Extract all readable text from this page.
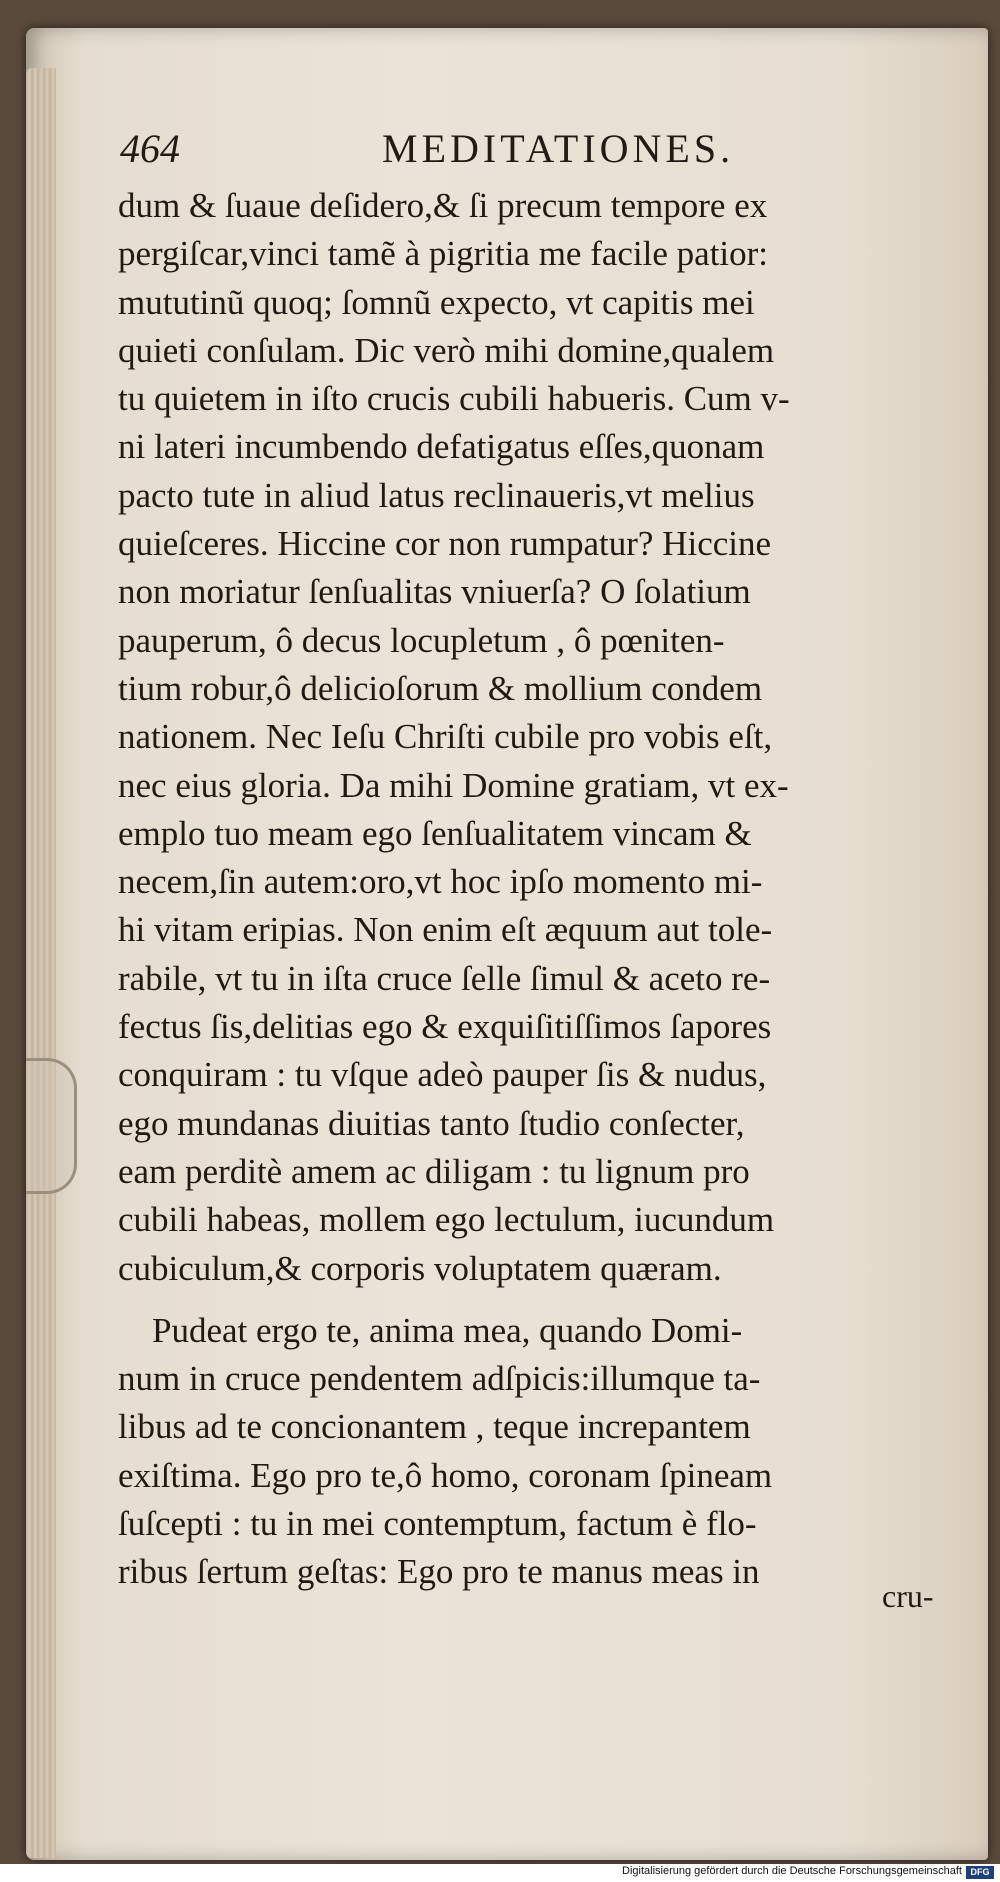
464	MEDITATIONES.
dum & ſuaue deſidero,& ſi precum tempore ex
pergiſcar,vinci tamẽ à pigritia me facile patior:
mututinũ quoq; ſomnũ expecto, vt capitis mei
quieti conſulam. Dic verò mihi domine,qualem
tu quietem in iſto crucis cubili habueris. Cum v-
ni lateri incumbendo defatigatus eſſes,quonam
pacto tute in aliud latus reclinaueris,vt melius
quieſceres. Hiccine cor non rumpatur? Hiccine
non moriatur ſenſualitas vniuerſa? O ſolatium
pauperum, ô decus locupletum , ô pœniten-
tium robur,ô delicioſorum & mollium condem
nationem. Nec Ieſu Chriſti cubile pro vobis eſt,
nec eius gloria. Da mihi Domine gratiam, vt ex-
emplo tuo meam ego ſenſualitatem vincam &
necem,ſin autem:oro,vt hoc ipſo momento mi-
hi vitam eripias. Non enim eſt æquum aut tole-
rabile, vt tu in iſta cruce ſelle ſimul & aceto re-
fectus ſis,delitias ego & exquiſitiſſimos ſapores
conquiram : tu vſque adeò pauper ſis & nudus,
ego mundanas diuitias tanto ſtudio conſecter,
eam perditè amem ac diligam : tu lignum pro
cubili habeas, mollem ego lectulum, iucundum
cubiculum,& corporis voluptatem quæram.
Pudeat ergo te, anima mea, quando Domi-
num in cruce pendentem adſpicis:illumque ta-
libus ad te concionantem , teque increpantem
exiſtima. Ego pro te,ô homo, coronam ſpineam
ſuſcepti : tu in mei contemptum, factum è flo-
ribus ſertum geſtas: Ego pro te manus meas in
cru-
Digitalisierung gefördert durch die Deutsche Forschungsgemeinschaft DFG
